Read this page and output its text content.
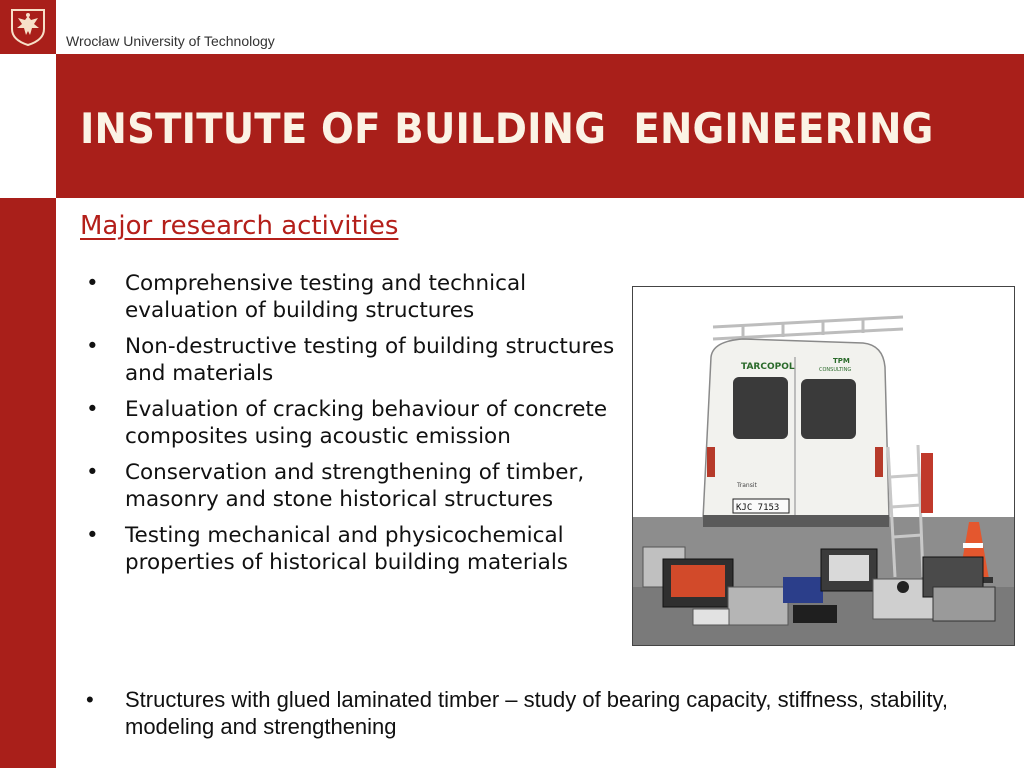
Wrocław University of Technology
INSTITUTE OF BUILDING  ENGINEERING
Major research activities
• Comprehensive testing and technical evaluation of building structures
• Non-destructive testing of building structures and materials
• Evaluation of cracking behaviour of concrete composites using acoustic emission
• Conservation and strengthening of timber, masonry and stone historical structures
• Testing mechanical and physicochemical properties of historical building materials
• Structures with glued laminated timber – study of bearing capacity, stiffness, stability, modeling and strengthening
TARCOPOL
TPM
CONSULTING
Transit
KJC 7153
